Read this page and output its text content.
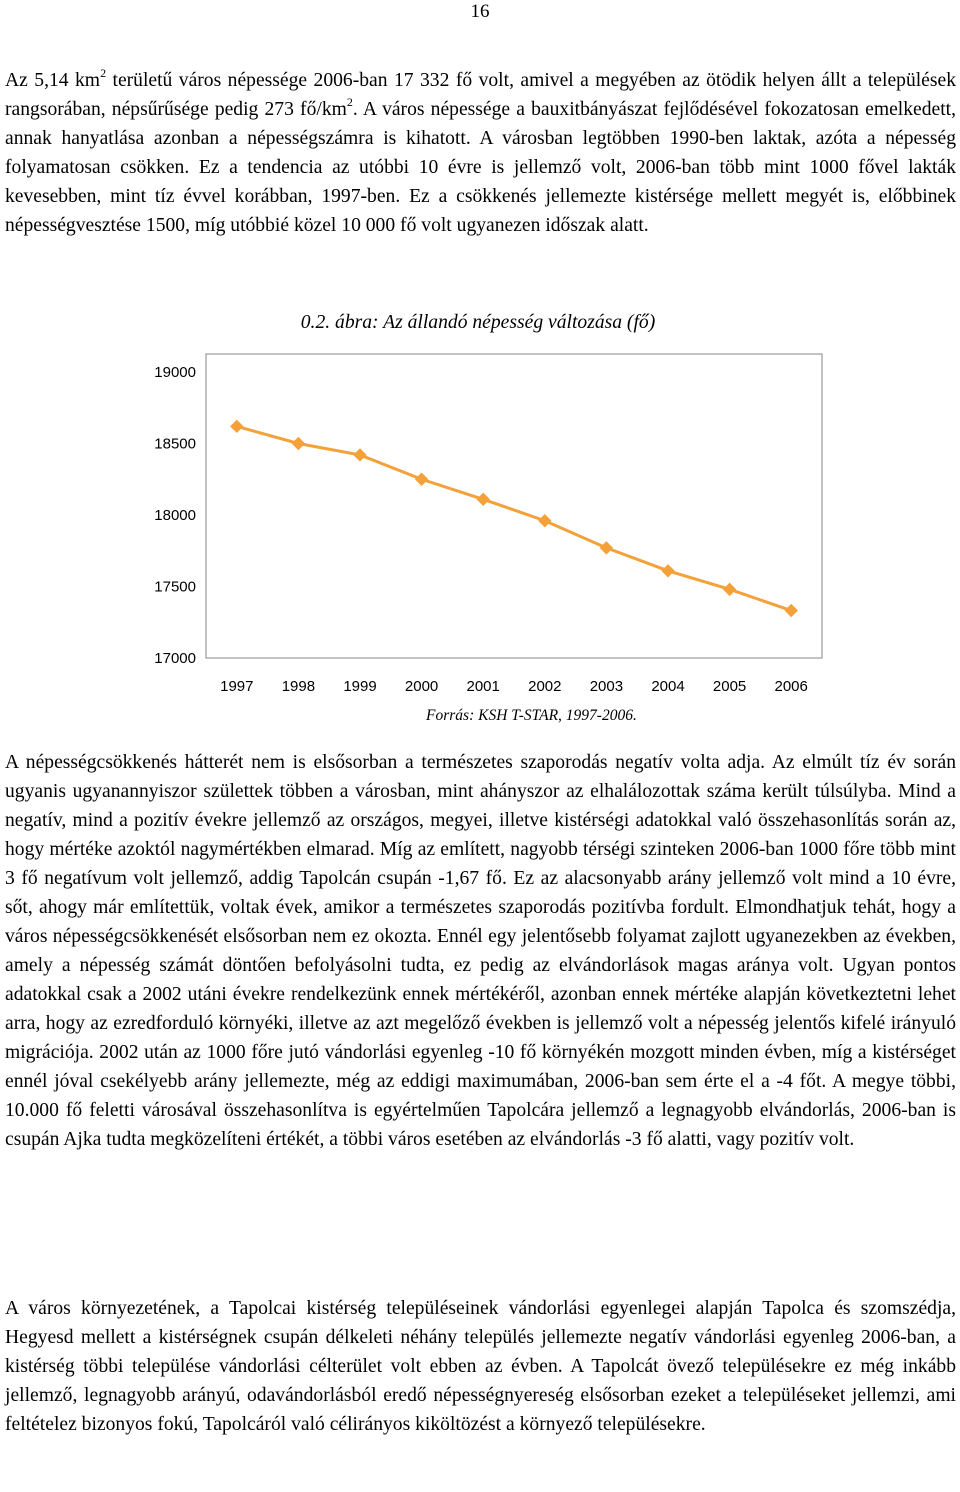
16

Az 5,14 $km^2$ területű város népessége 2006-ban 17 332 fő volt, amivel a megyében az ötödik helyen állt a települések rangsorában, népsűrűsége pedig 273 $fő/km^2$. A város népessége a bauxitbányászat fejlődésével fokozatosan emelkedett, annak hanyatlása azonban a népességszámra is kihatott. A városban legtöbben 1990-ben laktak, azóta a népesség folyamatosan csökken. Ez a tendencia az utóbbi 10 évre is jellemző volt, 2006-ban több mint 1000 fővel lakták kevesebben, mint tíz évvel korábban, 1997-ben. Ez a csökkenés jellemezte kistérsége mellett megyét is, előbbinek népességvesztése 1500, míg utóbbié közel 10 000 fő volt ugyanezen időszak alatt.

0.2. ábra: Az állandó népesség változása (fő)
19000
18500
18000
17500
17000
1997 1998 1999 2000 2001 2002 2003 2004 2005 2006
Forrás: KSH T-STAR, 1997-2006.

A népességcsökkenés hátterét nem is elsősorban a természetes szaporodás negatív volta adja. Az elmúlt tíz év során ugyanis ugyanannyiszor születtek többen a városban, mint ahányszor az elhalálozottak száma került túlsúlyba. Mind a negatív, mind a pozitív évekre jellemző az országos, megyei, illetve kistérségi adatokkal való összehasonlítás során az, hogy mértéke azoktól nagymértékben elmarad. Míg az említett, nagyobb térségi szinteken 2006-ban 1000 főre több mint 3 fő negatívum volt jellemző, addig Tapolcán csupán -1,67 fő. Ez az alacsonyabb arány jellemző volt mind a 10 évre, sőt, ahogy már említettük, voltak évek, amikor a természetes szaporodás pozitívba fordult. Elmondhatjuk tehát, hogy a város népességcsökkenését elsősorban nem ez okozta. Ennél egy jelentősebb folyamat zajlott ugyanezekben az években, amely a népesség számát döntően befolyásolni tudta, ez pedig az elvándorlások magas aránya volt. Ugyan pontos adatokkal csak a 2002 utáni évekre rendelkezünk ennek mértékéről, azonban ennek mértéke alapján következtetni lehet arra, hogy az ezredforduló környéki, illetve az azt megelőző években is jellemző volt a népesség jelentős kifelé irányuló migrációja. 2002 után az 1000 főre jutó vándorlási egyenleg -10 fő környékén mozgott minden évben, míg a kistérséget ennél jóval csekélyebb arány jellemezte, még az eddigi maximumában, 2006-ban sem érte el a -4 főt. A megye többi, 10.000 fő feletti városával összehasonlítva is egyértelműen Tapolcára jellemző a legnagyobb elvándorlás, 2006-ban is csupán Ajka tudta megközelíteni értékét, a többi város esetében az elvándorlás -3 fő alatti, vagy pozitív volt.

A város környezetének, a Tapolcai kistérség településeinek vándorlási egyenlegei alapján Tapolca és szomszédja, Hegyesd mellett a kistérségnek csupán délkeleti néhány település jellemezte negatív vándorlási egyenleg 2006-ban, a kistérség többi települése vándorlási célterület volt ebben az évben. A Tapolcát övező településekre ez még inkább jellemző, legnagyobb arányú, odavándorlásból eredő népességnyereség elsősorban ezeket a településeket jellemzi, ami feltételez bizonyos fokú, Tapolcáról való célirányos kiköltözést a környező településekre.
